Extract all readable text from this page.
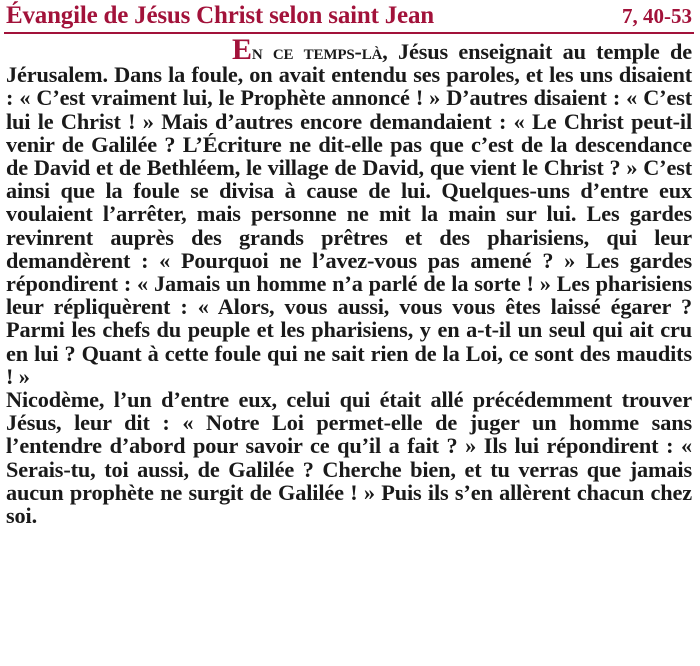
Évangile de Jésus Christ selon saint Jean	7, 40-53

En ce temps-là, Jésus enseignait au temple de Jérusalem. Dans la foule, on avait entendu ses paroles, et les uns disaient : « C’est vraiment lui, le Prophète annoncé ! » D’autres disaient : « C’est lui le Christ ! » Mais d’autres encore demandaient : « Le Christ peut-il venir de Galilée ? L’Écriture ne dit-elle pas que c’est de la descendance de David et de Bethléem, le village de David, que vient le Christ ? » C’est ainsi que la foule se divisa à cause de lui. Quelques-uns d’entre eux voulaient l’arrêter, mais personne ne mit la main sur lui. Les gardes revinrent auprès des grands prêtres et des pharisiens, qui leur demandèrent : « Pourquoi ne l’avez-vous pas amené ? » Les gardes répondirent : « Jamais un homme n’a parlé de la sorte ! » Les pharisiens leur répliquèrent : « Alors, vous aussi, vous vous êtes laissé égarer ? Parmi les chefs du peuple et les pharisiens, y en a-t-il un seul qui ait cru en lui ? Quant à cette foule qui ne sait rien de la Loi, ce sont des maudits ! »

Nicodème, l’un d’entre eux, celui qui était allé précédemment trouver Jésus, leur dit : « Notre Loi permet-elle de juger un homme sans l’entendre d’abord pour savoir ce qu’il a fait ? » Ils lui répondirent : « Serais-tu, toi aussi, de Galilée ? Cherche bien, et tu verras que jamais aucun prophète ne surgit de Galilée ! » Puis ils s’en allèrent chacun chez soi.
